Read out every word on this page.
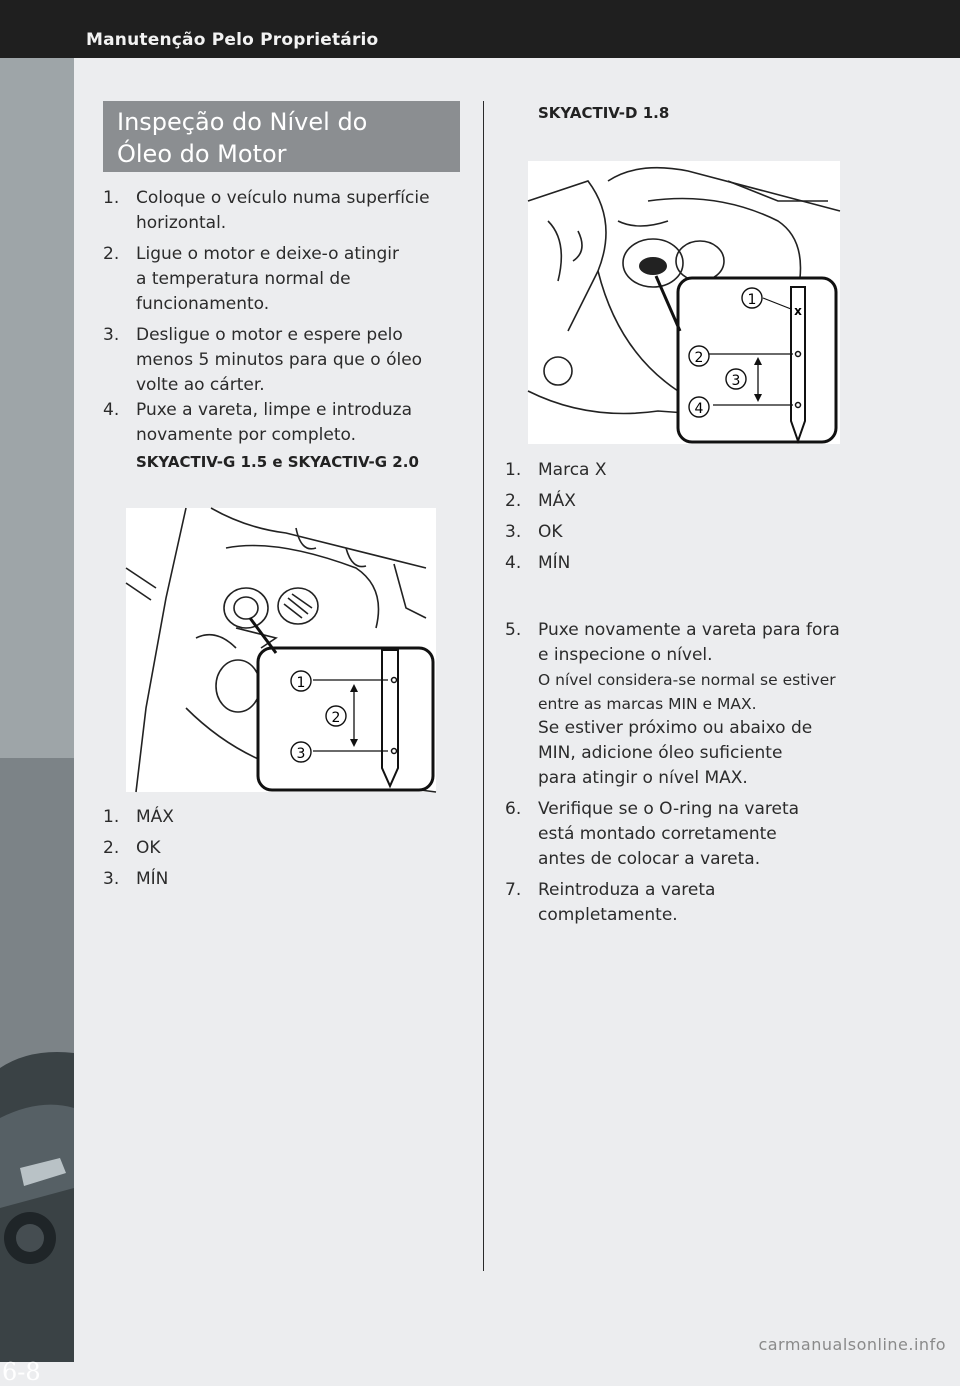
Manutenção Pelo Proprietário
6-8
Inspeção do Nível do
Óleo do Motor
1. Coloque o veículo numa superfície
horizontal.
2. Ligue o motor e deixe-o atingir
a temperatura normal de
funcionamento.
3. Desligue o motor e espere pelo
menos 5 minutos para que o óleo
volte ao cárter.
4. Puxe a vareta, limpe e introduza
novamente por completo.
SKYACTIV-G 1.5 e SKYACTIV-G 2.0
1
2
3
1. MÁX
2. OK
3. MÍN
SKYACTIV-D 1.8
x
1
2
3
4
1. Marca X
2. MÁX
3. OK
4. MÍN
5. Puxe novamente a vareta para fora
e inspecione o nível.
O nível considera-se normal se estiver
entre as marcas MIN e MAX.
Se estiver próximo ou abaixo de
MIN, adicione óleo suficiente
para atingir o nível MAX.
6. Verifique se o O-ring na vareta
está montado corretamente
antes de colocar a vareta.
7. Reintroduza a vareta
completamente.
carmanualsonline.info
